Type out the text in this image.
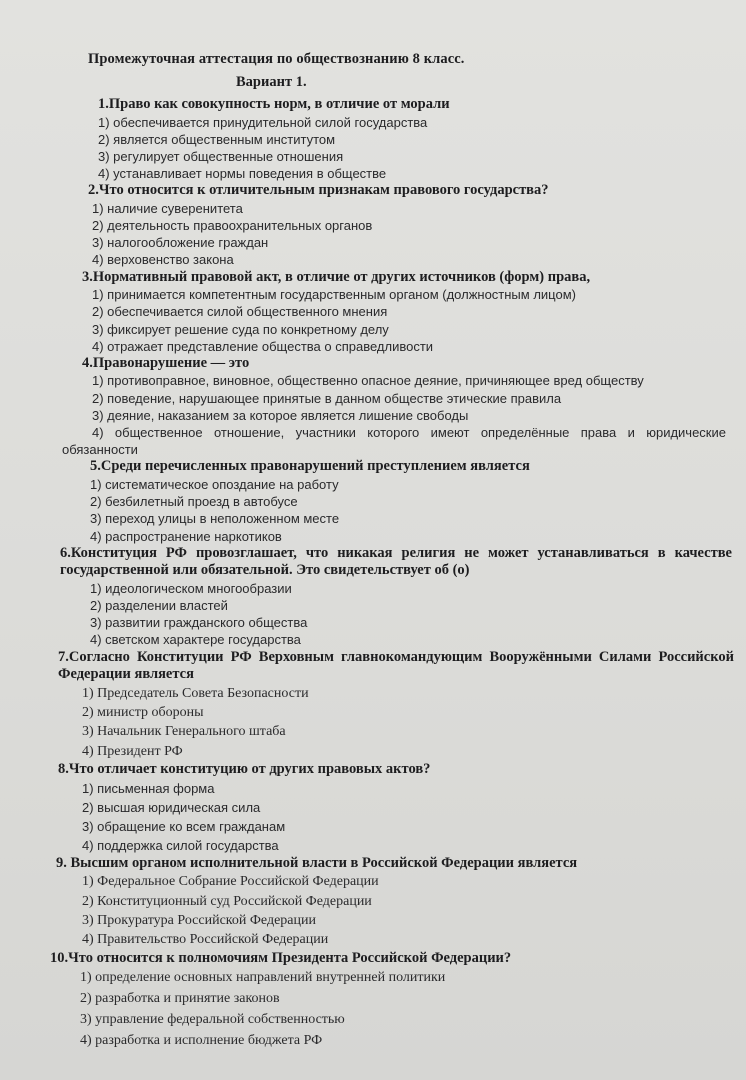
Промежуточная аттестация по обществознанию 8 класс.
Вариант 1.
1.Право как совокупность норм, в отличие от морали
1) обеспечивается принудительной силой государства
2) является общественным институтом
3) регулирует общественные отношения
4) устанавливает нормы поведения в обществе
2.Что относится к отличительным признакам правового государства?
1) наличие суверенитета
2) деятельность правоохранительных органов
3) налогообложение граждан
4) верховенство закона
3.Нормативный правовой акт, в отличие от других источников (форм) права,
1) принимается компетентным государственным органом (должностным лицом)
2) обеспечивается силой общественного мнения
3) фиксирует решение суда по конкретному делу
4) отражает представление общества о справедливости
4.Правонарушение — это
1) противоправное, виновное, общественно опасное деяние, причиняющее вред обществу
2) поведение, нарушающее принятые в данном обществе этические правила
3) деяние, наказанием за которое является лишение свободы
4) общественное отношение, участники которого имеют определённые права и юридические обязанности
5.Среди перечисленных правонарушений преступлением является
1) систематическое опоздание на работу
2) безбилетный проезд в автобусе
3) переход улицы в неположенном месте
4) распространение наркотиков
6.Конституция РФ провозглашает, что никакая религия не может устанавливаться в качестве государственной или обязательной. Это свидетельствует об (о)
1) идеологическом многообразии
2) разделении властей
3) развитии гражданского общества
4) светском характере государства
7.Согласно Конституции РФ Верховным главнокомандующим Вооружёнными Силами Российской Федерации является
1) Председатель Совета Безопасности
2) министр обороны
3) Начальник Генерального штаба
4) Президент РФ
8.Что отличает конституцию от других правовых актов?
1) письменная форма
2) высшая юридическая сила
3) обращение ко всем гражданам
4) поддержка силой государства
9. Высшим органом исполнительной власти в Российской Федерации является
1) Федеральное Собрание Российской Федерации
2) Конституционный суд Российской Федерации
3) Прокуратура Российской Федерации
4) Правительство Российской Федерации
10.Что относится к полномочиям Президента Российской Федерации?
1) определение основных направлений внутренней политики
2) разработка и принятие законов
3) управление федеральной собственностью
4) разработка и исполнение бюджета РФ
